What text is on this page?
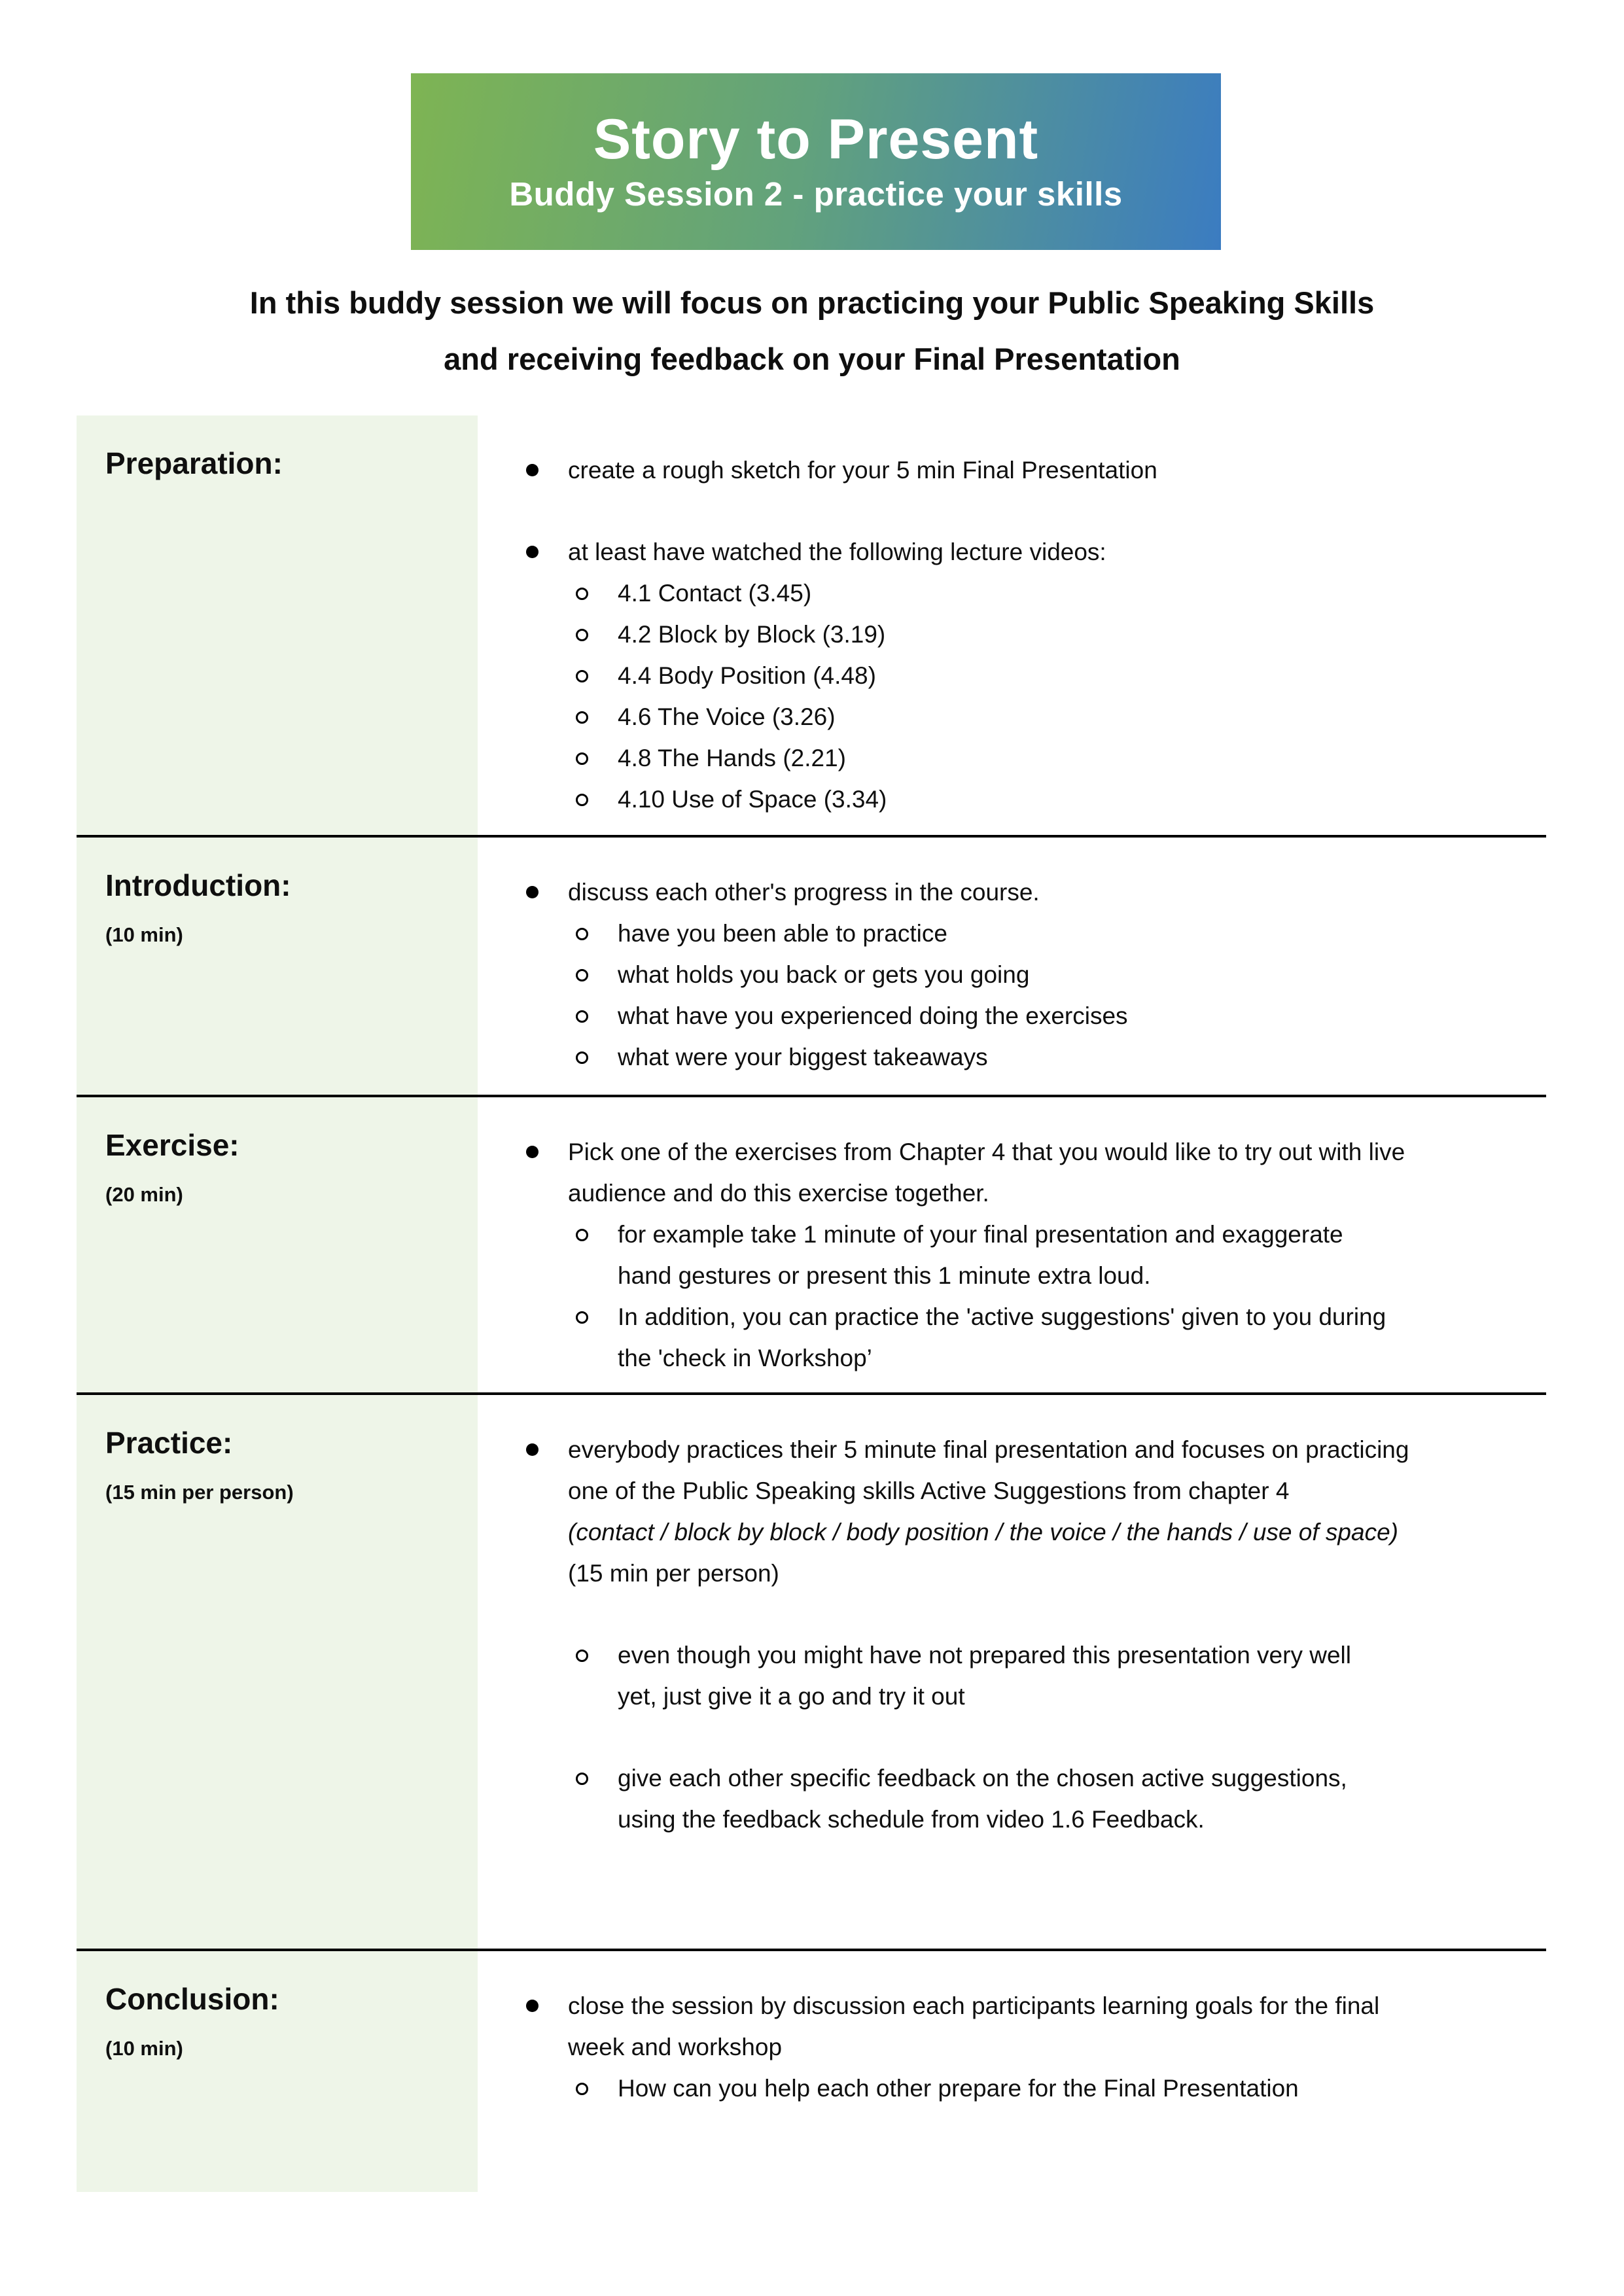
Story to Present
Buddy Session 2 - practice your skills
In this buddy session we will focus on practicing your Public Speaking Skills
and receiving feedback on your Final Presentation
Preparation:	create a rough sketch for your 5 min Final Presentation
at least have watched the following lecture videos:
4.1 Contact (3.45)
4.2 Block by Block (3.19)
4.4 Body Position (4.48)
4.6 The Voice (3.26)
4.8 The Hands (2.21)
4.10 Use of Space (3.34)
Introduction:
(10 min)
discuss each other's progress in the course.
have you been able to practice
what holds you back or gets you going
what have you experienced doing the exercises
what were your biggest takeaways
Exercise:
(20 min)
Pick one of the exercises from Chapter 4 that you would like to try out with live audience and do this exercise together.
for example take 1 minute of your final presentation and exaggerate hand gestures or present this 1 minute extra loud.
In addition, you can practice the 'active suggestions' given to you during the 'check in Workshop’
Practice:
(15 min per person)
everybody practices their 5 minute final presentation and focuses on practicing one of the Public Speaking skills Active Suggestions from chapter 4
(contact / block by block / body position / the voice / the hands / use of space) (15 min per person)
even though you might have not prepared this presentation very well yet, just give it a go and try it out
give each other specific feedback on the chosen active suggestions, using the feedback schedule from video 1.6 Feedback.
Conclusion:
(10 min)
close the session by discussion each participants learning goals for the final week and workshop
How can you help each other prepare for the Final Presentation
